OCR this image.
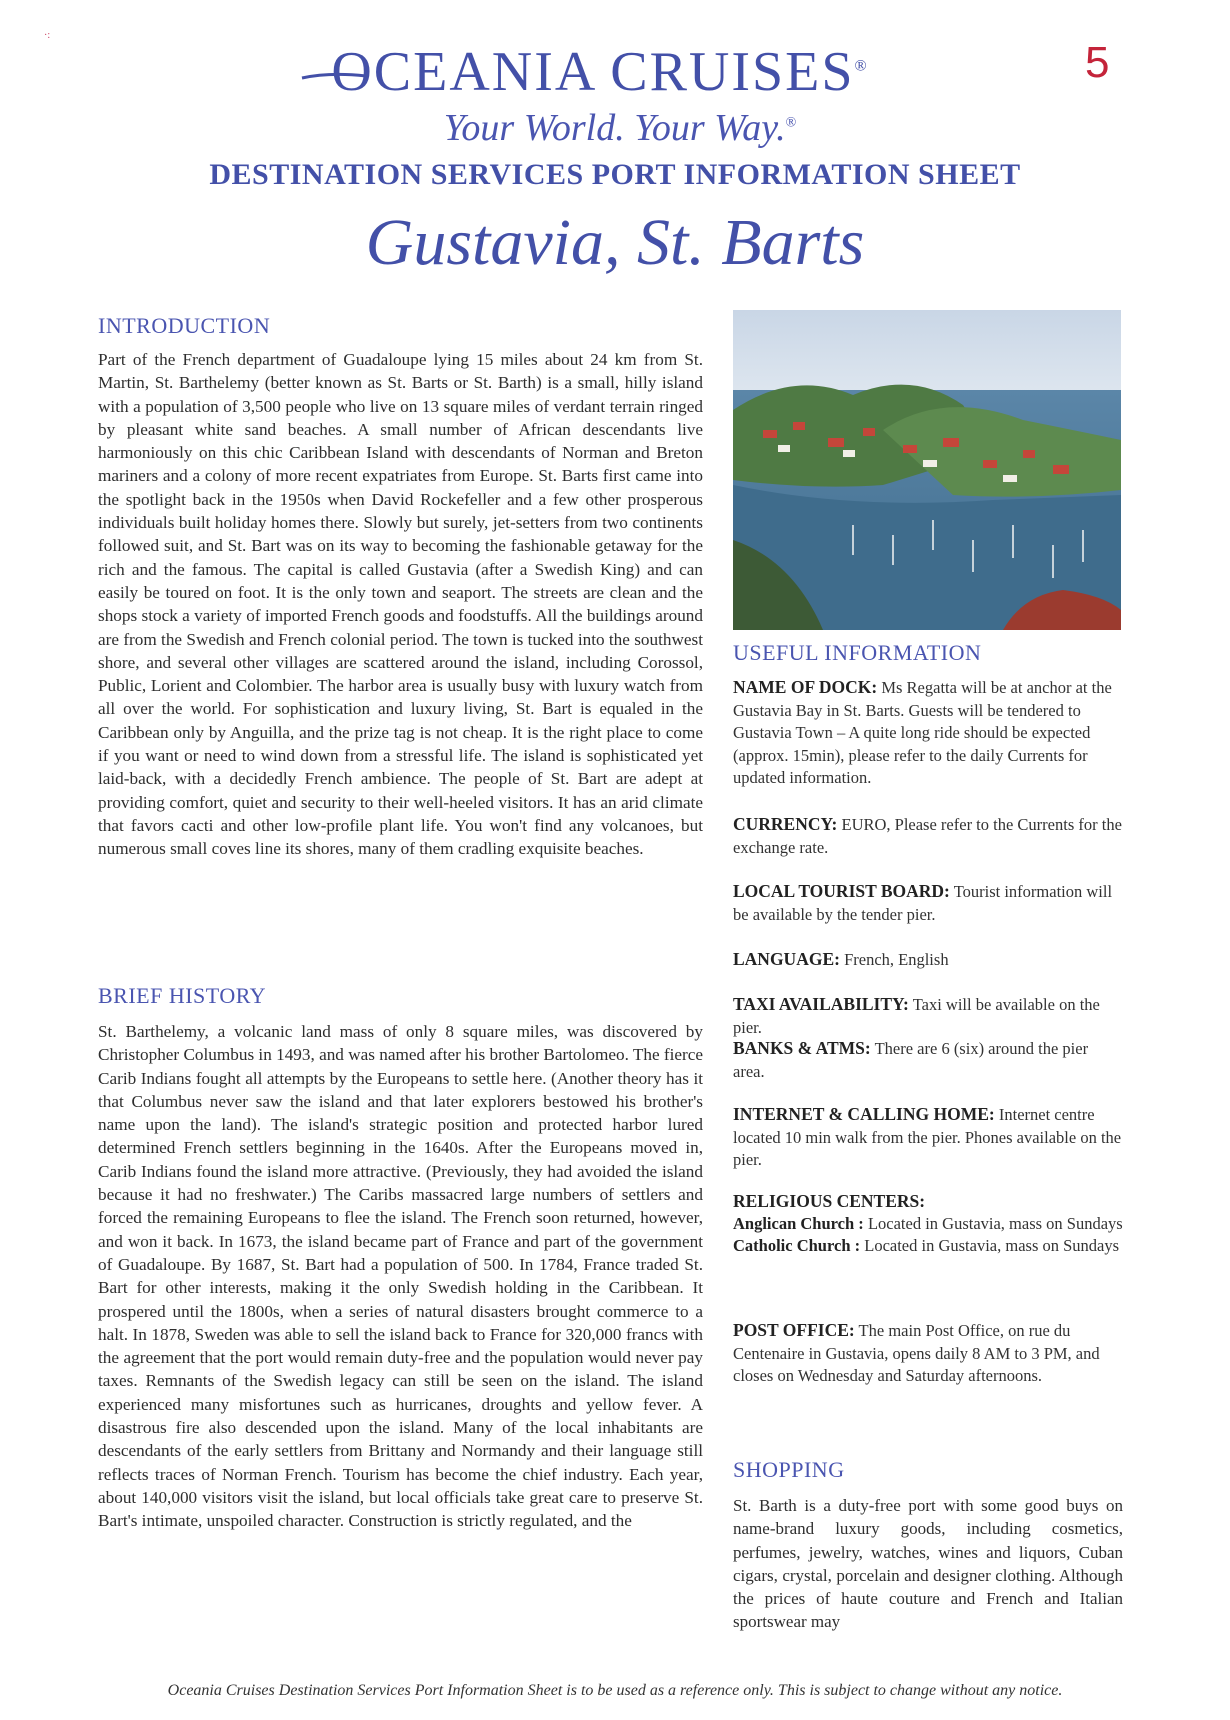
·:
5
OCEANIA CRUISES®
Your World. Your Way.®
DESTINATION SERVICES PORT INFORMATION SHEET
Gustavia, St. Barts
INTRODUCTION

Part of the French department of Guadaloupe lying 15 miles about 24 km from St. Martin, St. Barthelemy (better known as St. Barts or St. Barth) is a small, hilly island with a population of 3,500 people who live on 13 square miles of verdant terrain ringed by pleasant white sand beaches. A small number of African descendants live harmoniously on this chic Caribbean Island with descendants of Norman and Breton mariners and a colony of more recent expatriates from Europe. St. Barts first came into the spotlight back in the 1950s when David Rockefeller and a few other prosperous individuals built holiday homes there. Slowly but surely, jet-setters from two continents followed suit, and St. Bart was on its way to becoming the fashionable getaway for the rich and the famous. The capital is called Gustavia (after a Swedish King) and can easily be toured on foot. It is the only town and seaport. The streets are clean and the shops stock a variety of imported French goods and foodstuffs. All the buildings around are from the Swedish and French colonial period. The town is tucked into the southwest shore, and several other villages are scattered around the island, including Corossol, Public, Lorient and Colombier. The harbor area is usually busy with luxury watch from all over the world. For sophistication and luxury living, St. Bart is equaled in the Caribbean only by Anguilla, and the prize tag is not cheap. It is the right place to come if you want or need to wind down from a stressful life. The island is sophisticated yet laid-back, with a decidedly French ambience. The people of St. Bart are adept at providing comfort, quiet and security to their well-heeled visitors. It has an arid climate that favors cacti and other low-profile plant life. You won't find any volcanoes, but numerous small coves line its shores, many of them cradling exquisite beaches.

BRIEF HISTORY

St. Barthelemy, a volcanic land mass of only 8 square miles, was discovered by Christopher Columbus in 1493, and was named after his brother Bartolomeo. The fierce Carib Indians fought all attempts by the Europeans to settle here. (Another theory has it that Columbus never saw the island and that later explorers bestowed his brother's name upon the land). The island's strategic position and protected harbor lured determined French settlers beginning in the 1640s. After the Europeans moved in, Carib Indians found the island more attractive. (Previously, they had avoided the island because it had no freshwater.) The Caribs massacred large numbers of settlers and forced the remaining Europeans to flee the island. The French soon returned, however, and won it back. In 1673, the island became part of France and part of the government of Guadaloupe. By 1687, St. Bart had a population of 500. In 1784, France traded St. Bart for other interests, making it the only Swedish holding in the Caribbean. It prospered until the 1800s, when a series of natural disasters brought commerce to a halt. In 1878, Sweden was able to sell the island back to France for 320,000 francs with the agreement that the port would remain duty-free and the population would never pay taxes. Remnants of the Swedish legacy can still be seen on the island. The island experienced many misfortunes such as hurricanes, droughts and yellow fever. A disastrous fire also descended upon the island. Many of the local inhabitants are descendants of the early settlers from Brittany and Normandy and their language still reflects traces of Norman French. Tourism has become the chief industry. Each year, about 140,000 visitors visit the island, but local officials take great care to preserve St. Bart's intimate, unspoiled character. Construction is strictly regulated, and the

USEFUL INFORMATION
NAME OF DOCK: Ms Regatta will be at anchor at the Gustavia Bay in St. Barts. Guests will be tendered to Gustavia Town – A quite long ride should be expected (approx. 15min), please refer to the daily Currents for updated information.
CURRENCY: EURO, Please refer to the Currents for the exchange rate.
LOCAL TOURIST BOARD: Tourist information will be available by the tender pier.
LANGUAGE: French, English
TAXI AVAILABILITY: Taxi will be available on the pier.
BANKS & ATMS: There are 6 (six) around the pier area.
INTERNET & CALLING HOME: Internet centre located 10 min walk from the pier. Phones available on the pier.
RELIGIOUS CENTERS:
Anglican Church : Located in Gustavia, mass on Sundays
Catholic Church : Located in Gustavia, mass on Sundays
POST OFFICE: The main Post Office, on rue du Centenaire in Gustavia, opens daily 8 AM to 3 PM, and closes on Wednesday and Saturday afternoons.
SHOPPING

St. Barth is a duty-free port with some good buys on name-brand luxury goods, including cosmetics, perfumes, jewelry, watches, wines and liquors, Cuban cigars, crystal, porcelain and designer clothing. Although the prices of haute couture and French and Italian sportswear may

Oceania Cruises Destination Services Port Information Sheet is to be used as a reference only. This is subject to change without any notice.
